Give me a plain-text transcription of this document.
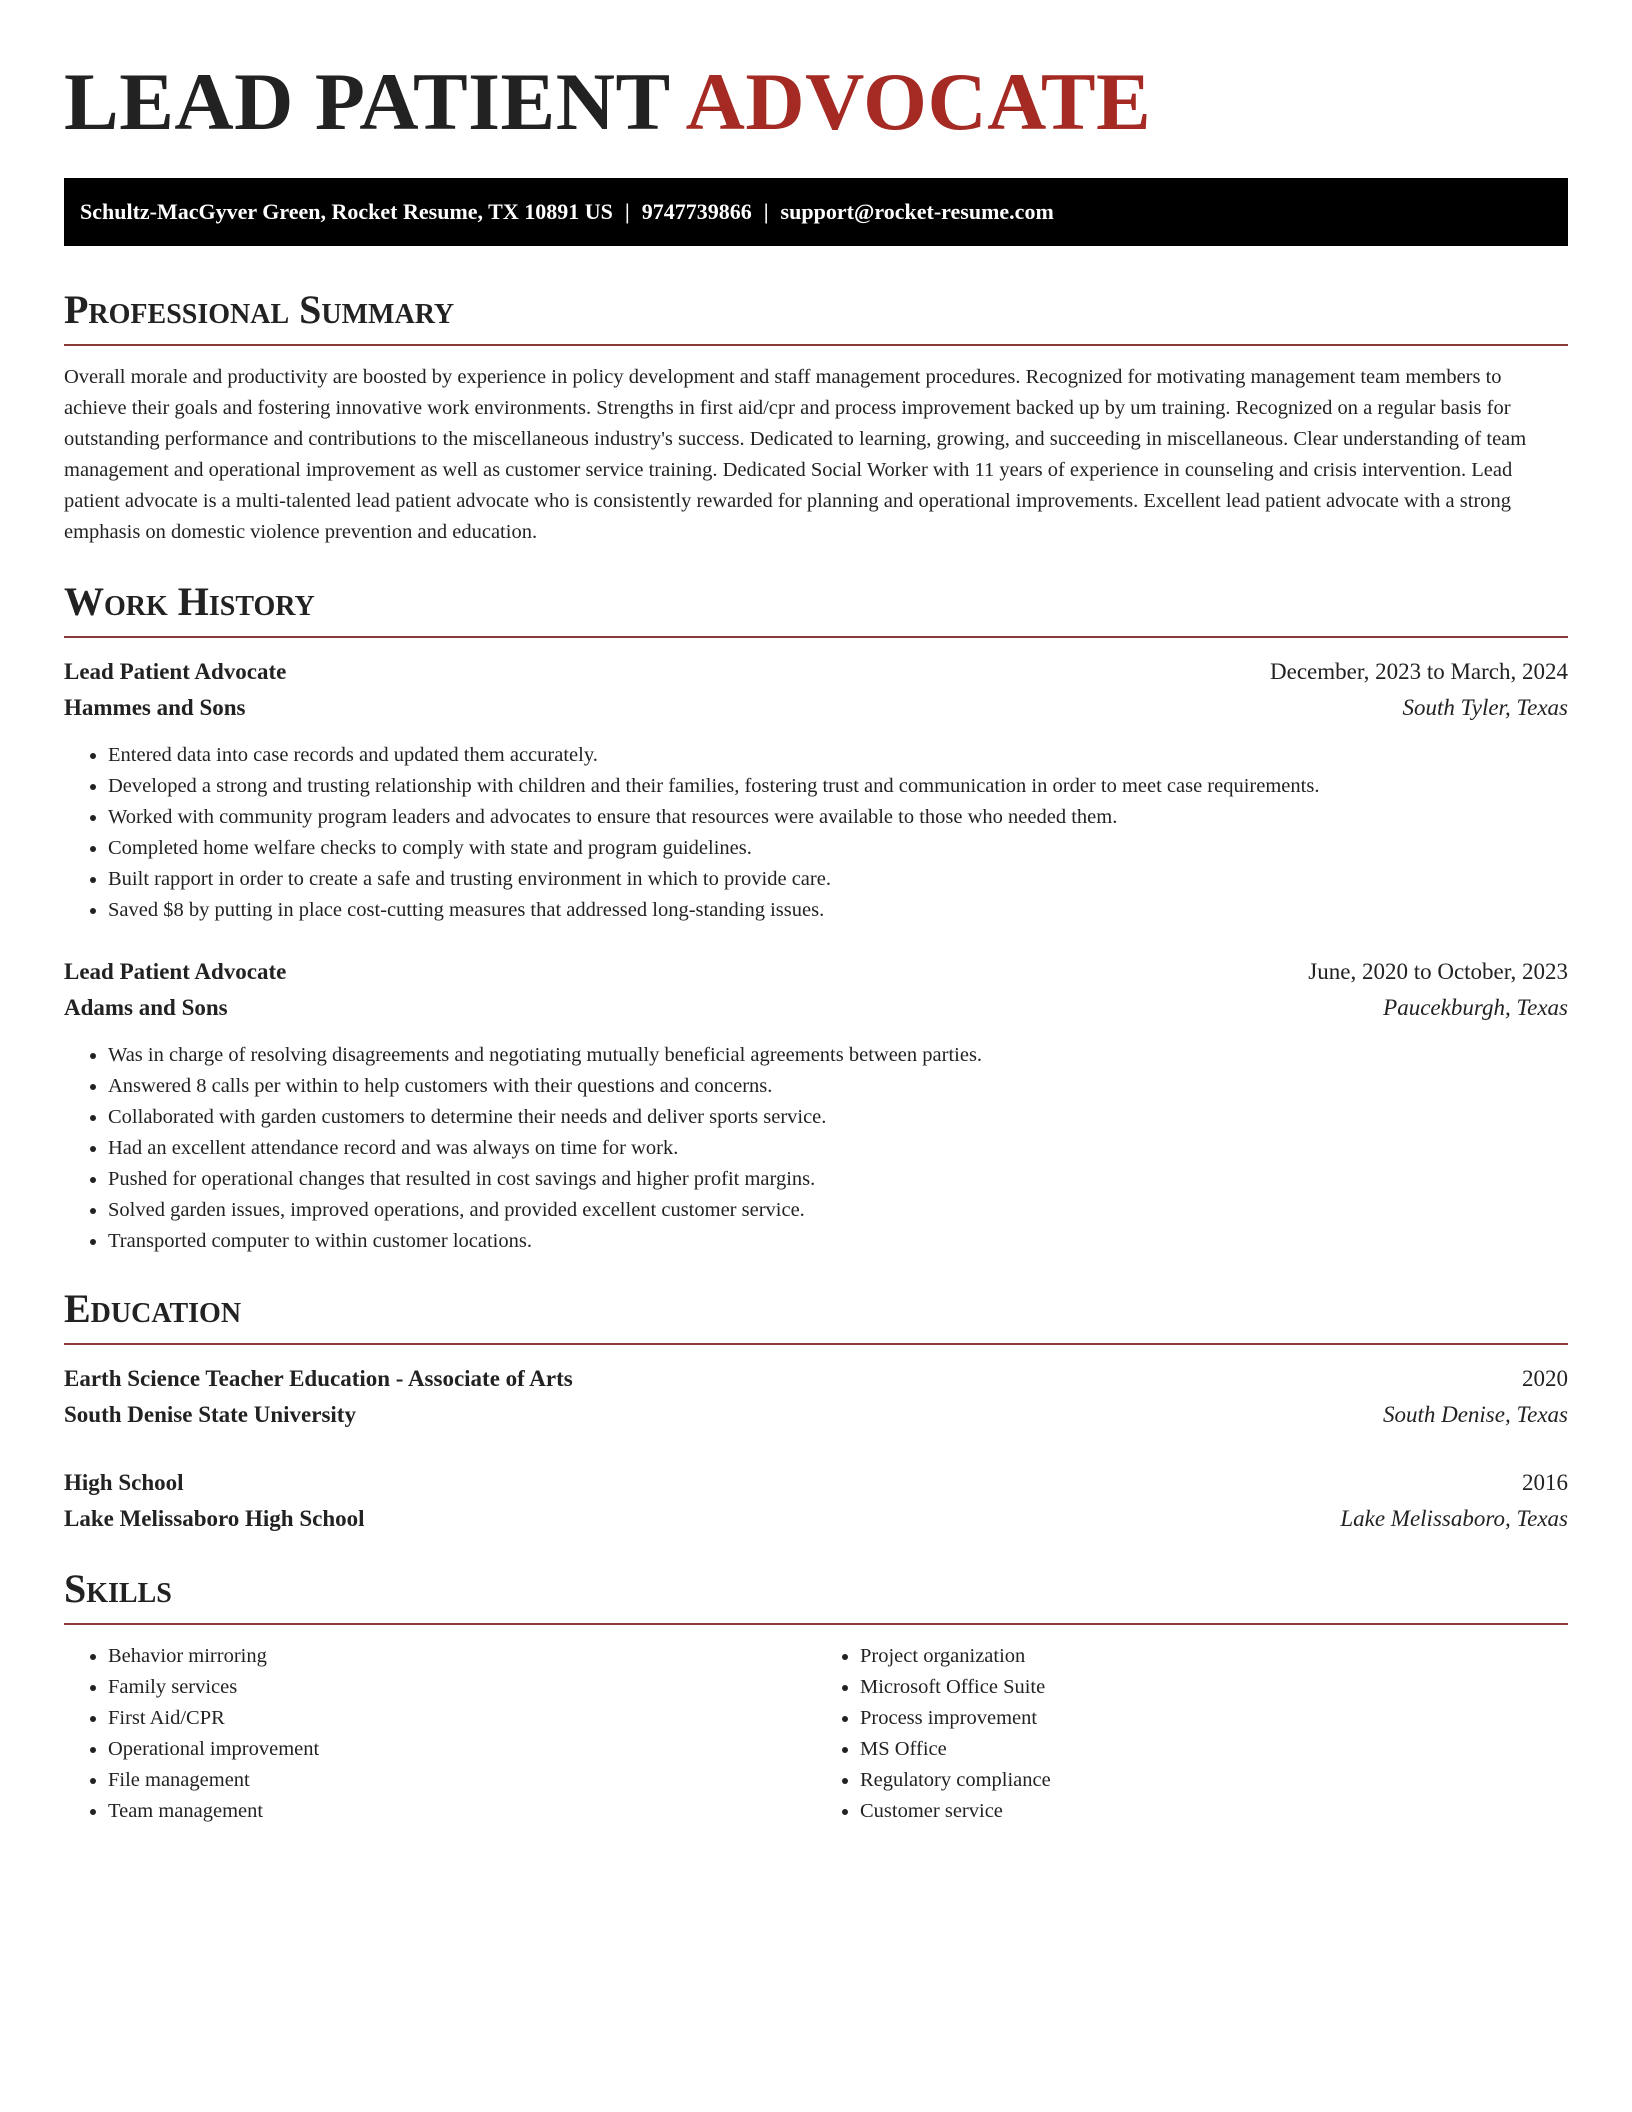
LEAD PATIENT ADVOCATE
Schultz-MacGyver Green, Rocket Resume, TX 10891 US | 9747739866 | support@rocket-resume.com
Professional Summary

Overall morale and productivity are boosted by experience in policy development and staff management procedures. Recognized for motivating management team members to achieve their goals and fostering innovative work environments. Strengths in first aid/cpr and process improvement backed up by um training. Recognized on a regular basis for outstanding performance and contributions to the miscellaneous industry's success. Dedicated to learning, growing, and succeeding in miscellaneous. Clear understanding of team management and operational improvement as well as customer service training. Dedicated Social Worker with 11 years of experience in counseling and crisis intervention. Lead patient advocate is a multi-talented lead patient advocate who is consistently rewarded for planning and operational improvements. Excellent lead patient advocate with a strong emphasis on domestic violence prevention and education.

Work History
Lead Patient Advocate	December, 2023 to March, 2024
Hammes and Sons	South Tyler, Texas
• Entered data into case records and updated them accurately.
• Developed a strong and trusting relationship with children and their families, fostering trust and communication in order to meet case requirements.
• Worked with community program leaders and advocates to ensure that resources were available to those who needed them.
• Completed home welfare checks to comply with state and program guidelines.
• Built rapport in order to create a safe and trusting environment in which to provide care.
• Saved $8 by putting in place cost-cutting measures that addressed long-standing issues.
Lead Patient Advocate	June, 2020 to October, 2023
Adams and Sons	Paucekburgh, Texas
• Was in charge of resolving disagreements and negotiating mutually beneficial agreements between parties.
• Answered 8 calls per within to help customers with their questions and concerns.
• Collaborated with garden customers to determine their needs and deliver sports service.
• Had an excellent attendance record and was always on time for work.
• Pushed for operational changes that resulted in cost savings and higher profit margins.
• Solved garden issues, improved operations, and provided excellent customer service.
• Transported computer to within customer locations.
Education
Earth Science Teacher Education - Associate of Arts	2020
South Denise State University	South Denise, Texas
High School	2016
Lake Melissaboro High School	Lake Melissaboro, Texas
Skills
• Behavior mirroring
• Family services
• First Aid/CPR
• Operational improvement
• File management
• Team management
• Project organization
• Microsoft Office Suite
• Process improvement
• MS Office
• Regulatory compliance
• Customer service
